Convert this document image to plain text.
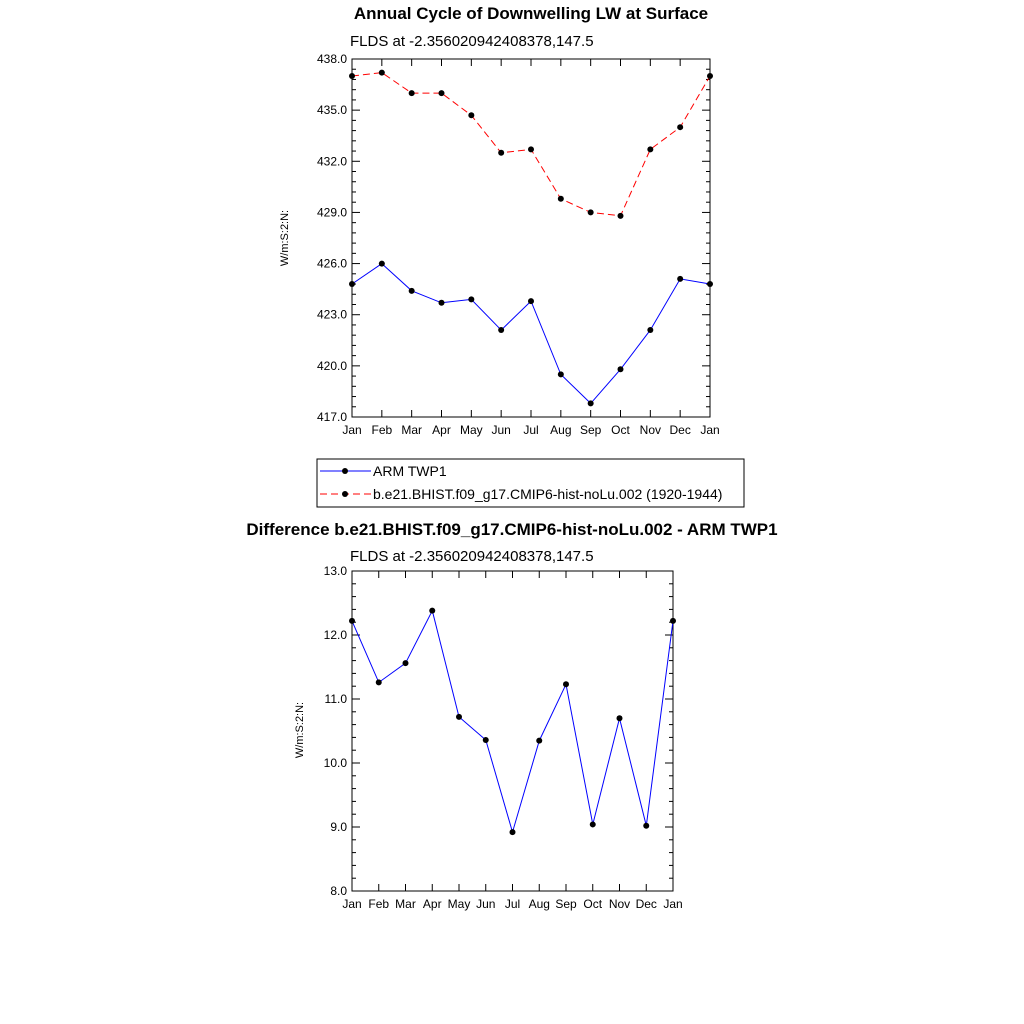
Annual Cycle of Downwelling LW at Surface
FLDS at -2.356020942408378,147.5
W/m:S:2:N:
Jan Feb Mar Apr May Jun Jul Aug Sep Oct Nov Dec Jan
417.0
420.0
423.0
426.0
429.0
432.0
435.0
438.0
ARM TWP1
b.e21.BHIST.f09_g17.CMIP6-hist-noLu.002 (1920-1944)
Difference b.e21.BHIST.f09_g17.CMIP6-hist-noLu.002 - ARM TWP1
FLDS at -2.356020942408378,147.5
W/m:S:2:N:
Jan Feb Mar Apr May Jun Jul Aug Sep Oct Nov Dec Jan
8.0
9.0
10.0
11.0
12.0
13.0
